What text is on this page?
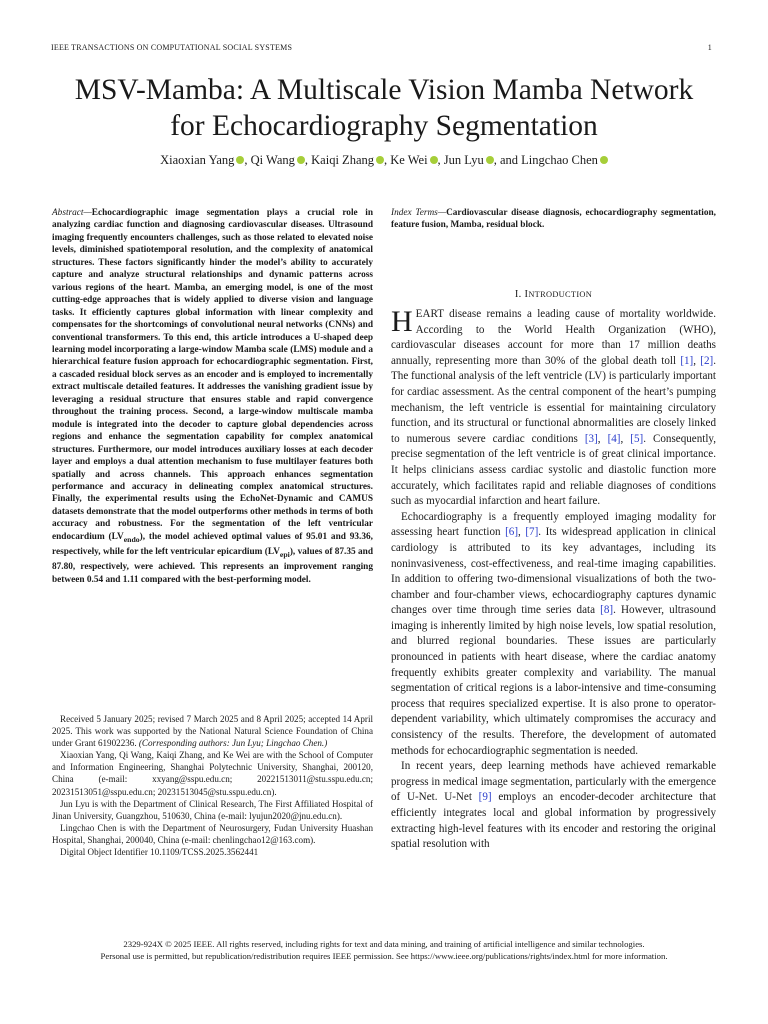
IEEE TRANSACTIONS ON COMPUTATIONAL SOCIAL SYSTEMS	1
MSV-Mamba: A Multiscale Vision Mamba Network
for Echocardiography Segmentation
Xiaoxian Yang , Qi Wang , Kaiqi Zhang , Ke Wei , Jun Lyu , and Lingchao Chen
Abstract—Echocardiographic image segmentation plays a crucial role in analyzing cardiac function and diagnosing cardiovascular diseases. Ultrasound imaging frequently encounters challenges, such as those related to elevated noise levels, diminished spatiotemporal resolution, and the complexity of anatomical structures. These factors significantly hinder the model’s ability to accurately capture and analyze structural relationships and dynamic patterns across various regions of the heart. Mamba, an emerging model, is one of the most cutting-edge approaches that is widely applied to diverse vision and language tasks. It efficiently captures global information with linear complexity and compensates for the shortcomings of convolutional neural networks (CNNs) and conventional transformers. To this end, this article introduces a U-shaped deep learning model incorporating a large-window Mamba scale (LMS) module and a hierarchical feature fusion approach for echocardiographic segmentation. First, a cascaded residual block serves as an encoder and is employed to incrementally extract multiscale detailed features. It addresses the vanishing gradient issue by leveraging a residual structure that ensures stable and rapid convergence throughout the training process. Second, a large-window multiscale mamba module is integrated into the decoder to capture global dependencies across regions and enhance the segmentation capability for complex anatomical structures. Furthermore, our model introduces auxiliary losses at each decoder layer and employs a dual attention mechanism to fuse multilayer features both spatially and across channels. This approach enhances segmentation performance and accuracy in delineating complex anatomical structures. Finally, the experimental results using the EchoNet-Dynamic and CAMUS datasets demonstrate that the model outperforms other methods in terms of both accuracy and robustness. For the segmentation of the left ventricular endocardium $(LV_{endo})$, the model achieved optimal values of 95.01 and 93.36, respectively, while for the left ventricular epicardium $(LV_{epi})$, values of 87.35 and 87.80, respectively, were achieved. This represents an improvement ranging between 0.54 and 1.11 compared with the best-performing model.
Index Terms—Cardiovascular disease diagnosis, echocardiography segmentation, feature fusion, Mamba, residual block.
I. INTRODUCTION

HEART disease remains a leading cause of mortality worldwide. According to the World Health Organization (WHO), cardiovascular diseases account for more than 17 million deaths annually, representing more than 30% of the global death toll [1], [2]. The functional analysis of the left ventricle (LV) is particularly important for cardiac assessment. As the central component of the heart’s pumping mechanism, the left ventricle is essential for maintaining circulatory function, and its structural or functional abnormalities are closely linked to numerous severe cardiac conditions [3], [4], [5]. Consequently, precise segmentation of the left ventricle is of great clinical importance. It helps clinicians assess cardiac systolic and diastolic function more accurately, which facilitates rapid and reliable diagnoses of conditions such as myocardial infarction and heart failure.

Echocardiography is a frequently employed imaging modality for assessing heart function [6], [7]. Its widespread application in clinical cardiology is attributed to its key advantages, including its noninvasiveness, cost-effectiveness, and real-time imaging capabilities. In addition to offering two-dimensional visualizations of both the two-chamber and four-chamber views, echocardiography captures dynamic changes over time through time series data [8]. However, ultrasound imaging is inherently limited by high noise levels, low spatial resolution, and blurred regional boundaries. These issues are particularly pronounced in patients with heart disease, where the cardiac anatomy frequently exhibits greater complexity and variability. The manual segmentation of critical regions is a labor-intensive and time-consuming process that requires specialized expertise. It is also prone to operator-dependent variability, which ultimately compromises the accuracy and consistency of the results. Therefore, the development of automated methods for echocardiographic segmentation is needed.

In recent years, deep learning methods have achieved remarkable progress in medical image segmentation, particularly with the emergence of U-Net. U-Net [9] employs an encoder-decoder architecture that efficiently integrates local and global information by progressively extracting high-level features with its encoder and restoring the original spatial resolution with

Received 5 January 2025; revised 7 March 2025 and 8 April 2025; accepted 14 April 2025. This work was supported by the National Natural Science Foundation of China under Grant 61902236. (Corresponding authors: Jun Lyu; Lingchao Chen.)

Xiaoxian Yang, Qi Wang, Kaiqi Zhang, and Ke Wei are with the School of Computer and Information Engineering, Shanghai Polytechnic University, Shanghai, 200120, China (e-mail: xxyang@sspu.edu.cn; 20221513011@stu.sspu.edu.cn; 20231513051@sspu.edu.cn; 20231513045@stu.sspu.edu.cn).

Jun Lyu is with the Department of Clinical Research, The First Affiliated Hospital of Jinan University, Guangzhou, 510630, China (e-mail: lyujun2020@jnu.edu.cn).

Lingchao Chen is with the Department of Neurosurgery, Fudan University Huashan Hospital, Shanghai, 200040, China (e-mail: chenlingchao12@163.com).

Digital Object Identifier 10.1109/TCSS.2025.3562441

2329-924X © 2025 IEEE. All rights reserved, including rights for text and data mining, and training of artificial intelligence and similar technologies.
Personal use is permitted, but republication/redistribution requires IEEE permission. See https://www.ieee.org/publications/rights/index.html for more information.
